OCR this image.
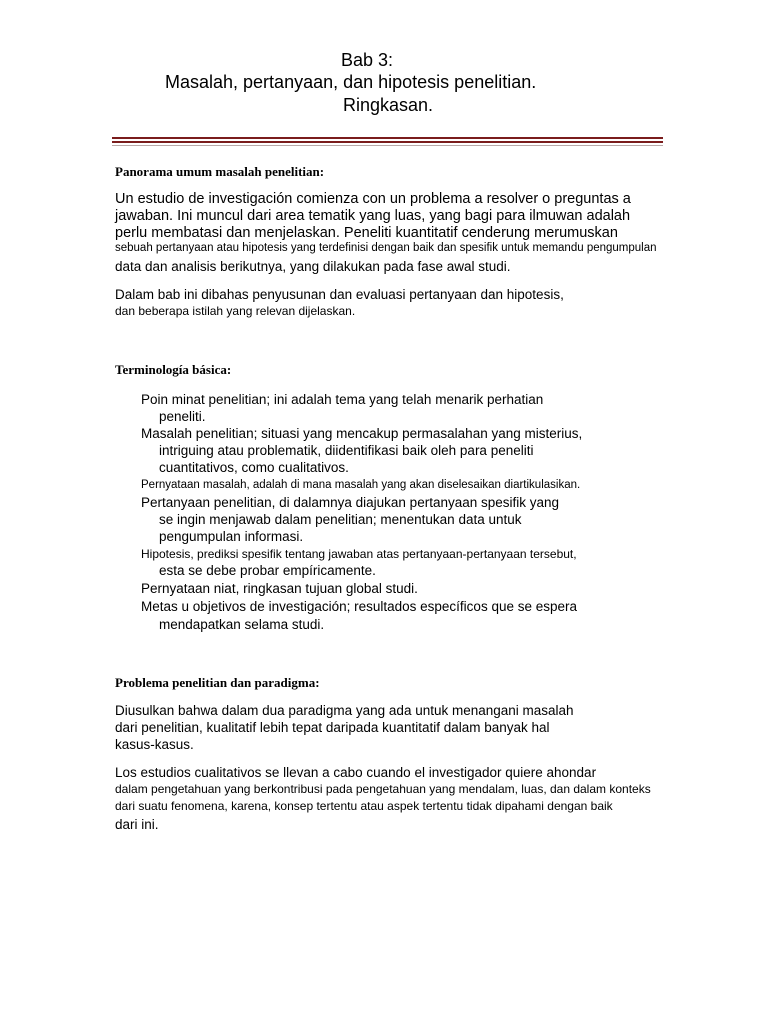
Bab 3:
Masalah, pertanyaan, dan hipotesis penelitian.
Ringkasan.
Panorama umum masalah penelitian:
Un estudio de investigación comienza con un problema a resolver o preguntas a
jawaban. Ini muncul dari area tematik yang luas, yang bagi para ilmuwan adalah
perlu membatasi dan menjelaskan. Peneliti kuantitatif cenderung merumuskan
sebuah pertanyaan atau hipotesis yang terdefinisi dengan baik dan spesifik untuk memandu pengumpulan
data dan analisis berikutnya, yang dilakukan pada fase awal studi.
Dalam bab ini dibahas penyusunan dan evaluasi pertanyaan dan hipotesis,
dan beberapa istilah yang relevan dijelaskan.
Terminología básica:
Poin minat penelitian; ini adalah tema yang telah menarik perhatian
peneliti.
Masalah penelitian; situasi yang mencakup permasalahan yang misterius,
intriguing atau problematik, diidentifikasi baik oleh para peneliti
cuantitativos, como cualitativos.
Pernyataan masalah, adalah di mana masalah yang akan diselesaikan diartikulasikan.
Pertanyaan penelitian, di dalamnya diajukan pertanyaan spesifik yang
se ingin menjawab dalam penelitian; menentukan data untuk
pengumpulan informasi.
Hipotesis, prediksi spesifik tentang jawaban atas pertanyaan-pertanyaan tersebut,
esta se debe probar empíricamente.
Pernyataan niat, ringkasan tujuan global studi.
Metas u objetivos de investigación; resultados específicos que se espera
mendapatkan selama studi.
Problema penelitian dan paradigma:
Diusulkan bahwa dalam dua paradigma yang ada untuk menangani masalah
dari penelitian, kualitatif lebih tepat daripada kuantitatif dalam banyak hal
kasus-kasus.
Los estudios cualitativos se llevan a cabo cuando el investigador quiere ahondar
dalam pengetahuan yang berkontribusi pada pengetahuan yang mendalam, luas, dan dalam konteks
dari suatu fenomena, karena, konsep tertentu atau aspek tertentu tidak dipahami dengan baik
dari ini.
